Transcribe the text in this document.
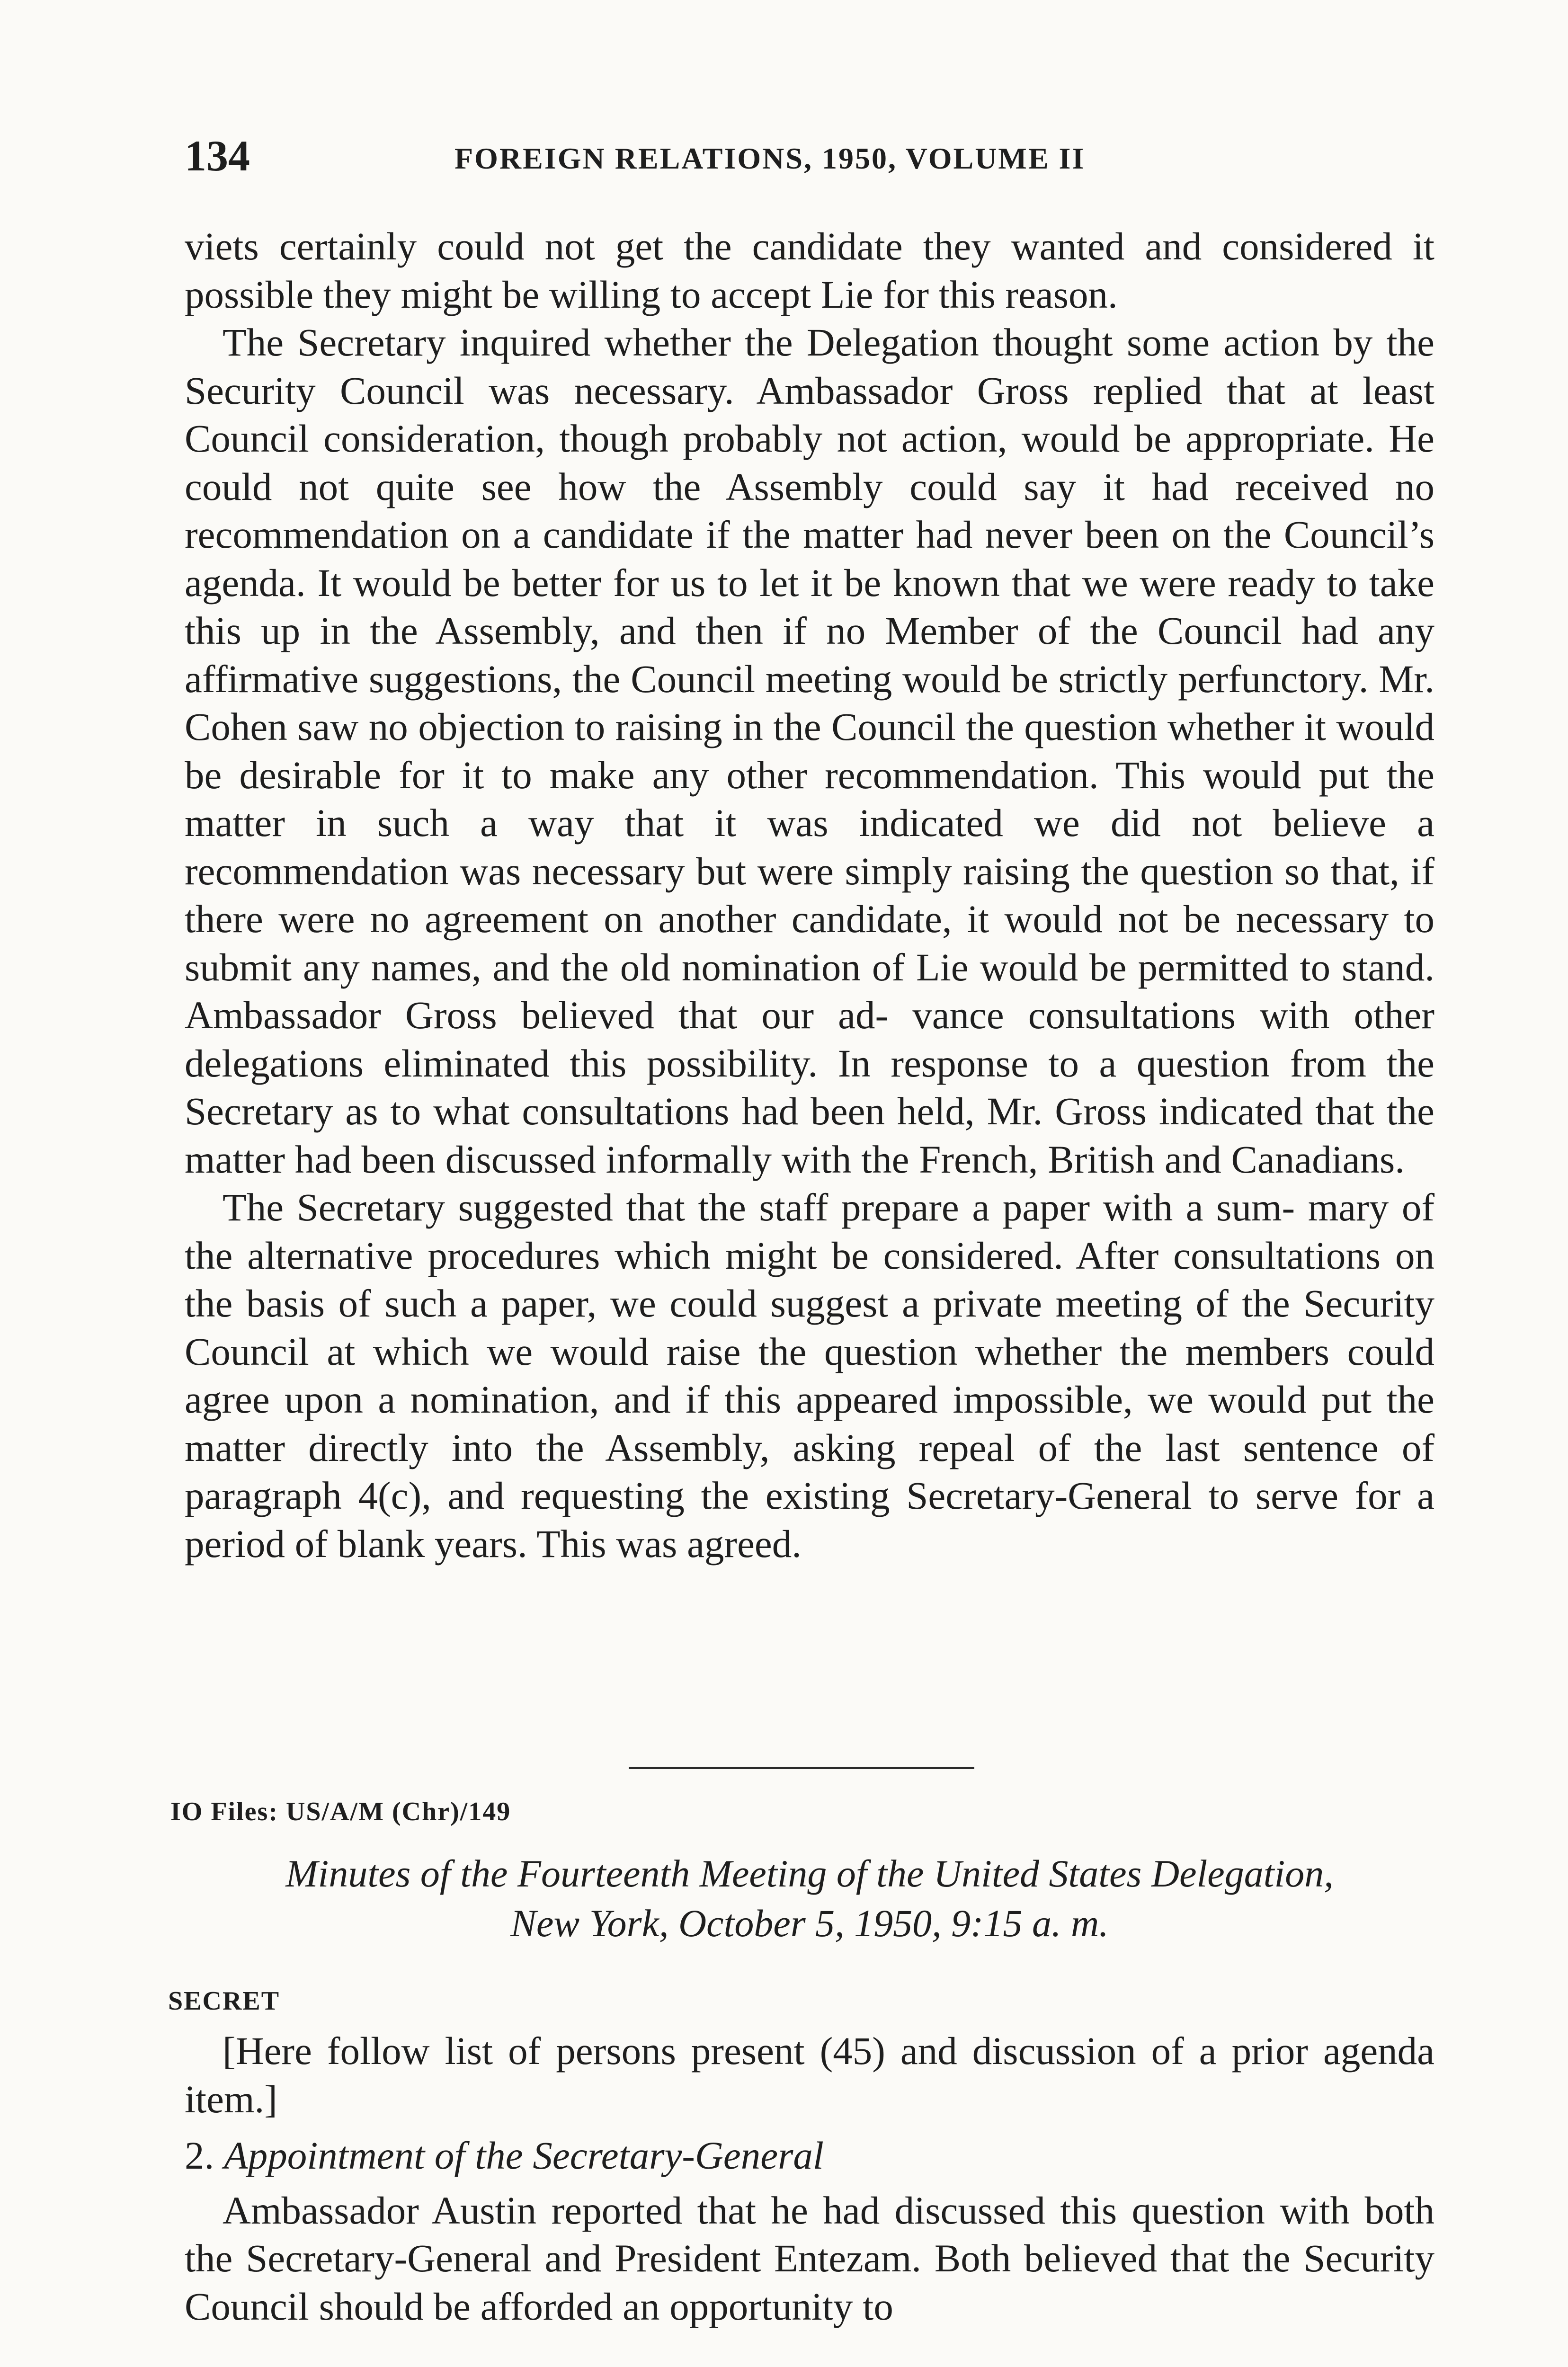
134	FOREIGN RELATIONS, 1950, VOLUME II

viets certainly could not get the candidate they wanted and considered it possible they might be willing to accept Lie for this reason.

The Secretary inquired whether the Delegation thought some action by the Security Council was necessary. Ambassador Gross replied that at least Council consideration, though probably not action, would be appropriate. He could not quite see how the Assembly could say it had received no recommendation on a candidate if the matter had never been on the Council’s agenda. It would be better for us to let it be known that we were ready to take this up in the Assembly, and then if no Member of the Council had any affirmative suggestions, the Council meeting would be strictly perfunctory. Mr. Cohen saw no objection to raising in the Council the question whether it would be desirable for it to make any other recommendation. This would put the matter in such a way that it was indicated we did not believe a recommendation was necessary but were simply raising the question so that, if there were no agreement on another candidate, it would not be necessary to submit any names, and the old nomination of Lie would be permitted to stand. Ambassador Gross believed that our ad- vance consultations with other delegations eliminated this possibility. In response to a question from the Secretary as to what consultations had been held, Mr. Gross indicated that the matter had been discussed informally with the French, British and Canadians.

The Secretary suggested that the staff prepare a paper with a sum- mary of the alternative procedures which might be considered. After consultations on the basis of such a paper, we could suggest a private meeting of the Security Council at which we would raise the question whether the members could agree upon a nomination, and if this appeared impossible, we would put the matter directly into the Assembly, asking repeal of the last sentence of paragraph 4(c), and requesting the existing Secretary-General to serve for a period of blank years. This was agreed.

IO Files: US/A/M (Chr)/149
Minutes of the Fourteenth Meeting of the United States Delegation,
New York, October 5, 1950, 9:15 a. m.
SECRET

[Here follow list of persons present (45) and discussion of a prior agenda item.]

2. Appointment of the Secretary-General

Ambassador Austin reported that he had discussed this question with both the Secretary-General and President Entezam. Both believed that the Security Council should be afforded an opportunity to
